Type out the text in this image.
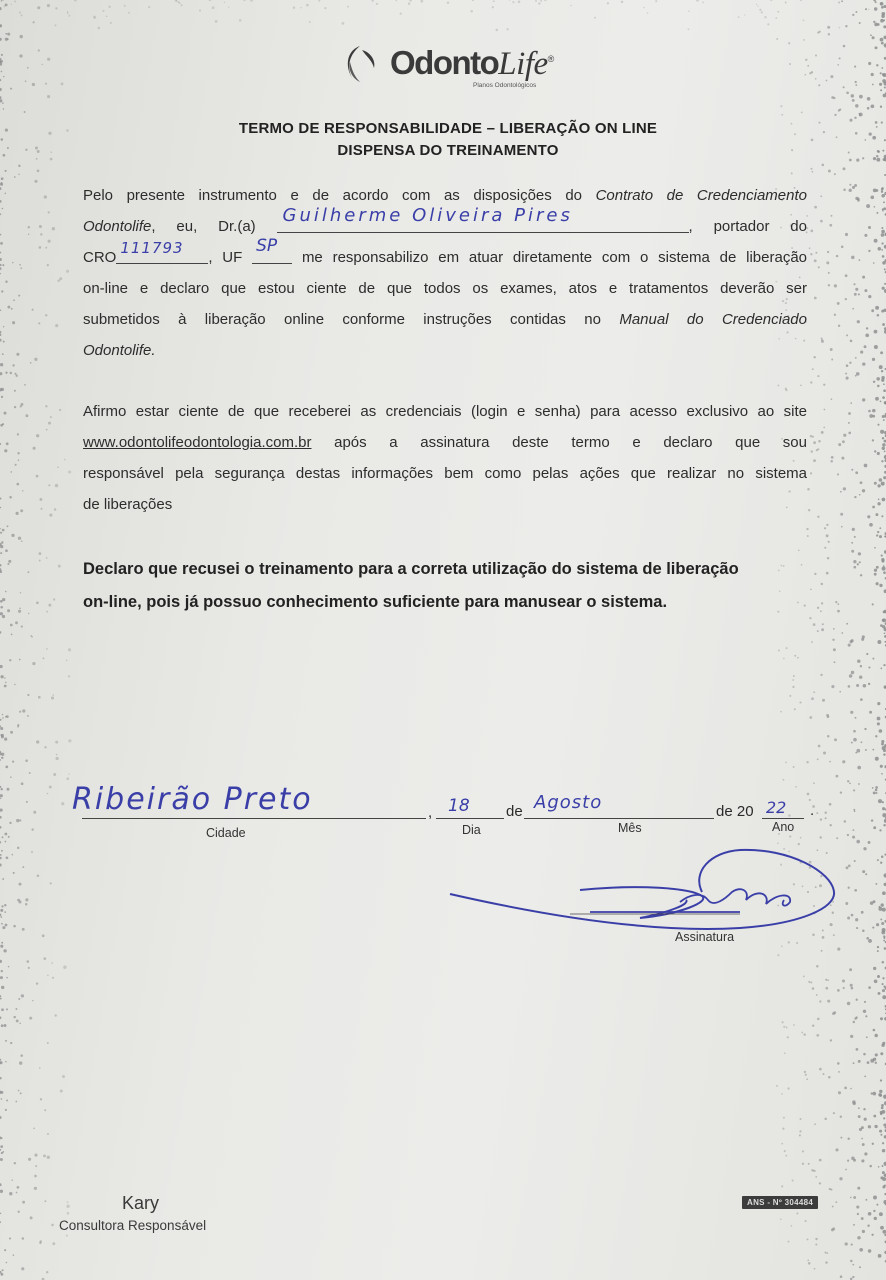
OdontoLife®
Planos Odontológicos
TERMO DE RESPONSABILIDADE – LIBERAÇÃO ON LINE
DISPENSA DO TREINAMENTO
Pelo presente instrumento e de acordo com as disposições do Contrato de Credenciamento
Odontolife, eu, Dr.(a)
Guilherme Oliveira Pires
, portador do
CRO
111793
, UF
SP
me responsabilizo em atuar diretamente com o sistema de liberação
on-line e declaro que estou ciente de que todos os exames, atos e tratamentos deverão ser
submetidos à liberação online conforme instruções contidas no Manual do Credenciado
Odontolife.
Afirmo estar ciente de que receberei as credenciais (login e senha) para acesso exclusivo ao site
www.odontolifeodontologia.com.br após a assinatura deste termo e declaro que sou
responsável pela segurança destas informações bem como pelas ações que realizar no sistema
de liberações
Declaro que recusei o treinamento para a correta utilização do sistema de liberação
on-line, pois já possuo conhecimento suficiente para manusear o sistema.
Ribeirão Preto	, 18 de Agosto	de 20 22 .
Cidade	Dia	Mês	Ano
Assinatura
Kary
Consultora Responsável
ANS - Nº 304484
